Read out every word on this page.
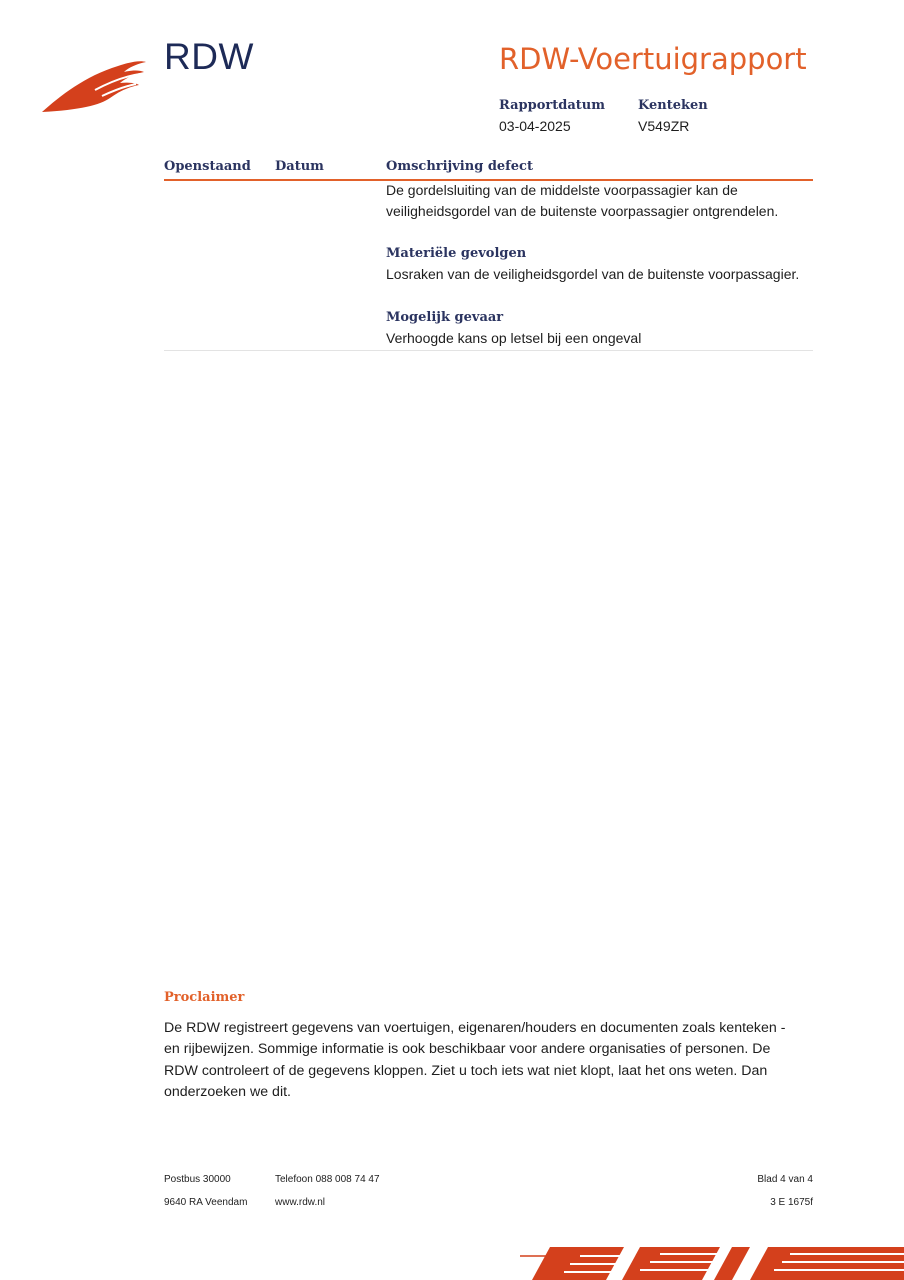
RDW	RDW-Voertuigrapport
Rapportdatum
03-04-2025
Kenteken
V549ZR
Openstaand Datum	Omschrijving defect
De gordelsluiting van de middelste voorpassagier kan de
veiligheidsgordel van de buitenste voorpassagier ontgrendelen.
Materiële gevolgen
Losraken van de veiligheidsgordel van de buitenste voorpassagier.
Mogelijk gevaar
Verhoogde kans op letsel bij een ongeval
Proclaimer
De RDW registreert gegevens van voertuigen, eigenaren/houders en documenten zoals kenteken - en rijbewijzen. Sommige informatie is ook beschikbaar voor andere organisaties of personen. De RDW controleert of de gegevens kloppen. Ziet u toch iets wat niet klopt, laat het ons weten. Dan onderzoeken we dit.
Postbus 30000
9640 RA Veendam
Telefoon 088 008 74 47
www.rdw.nl
Blad 4 van 4
3 E 1675f
